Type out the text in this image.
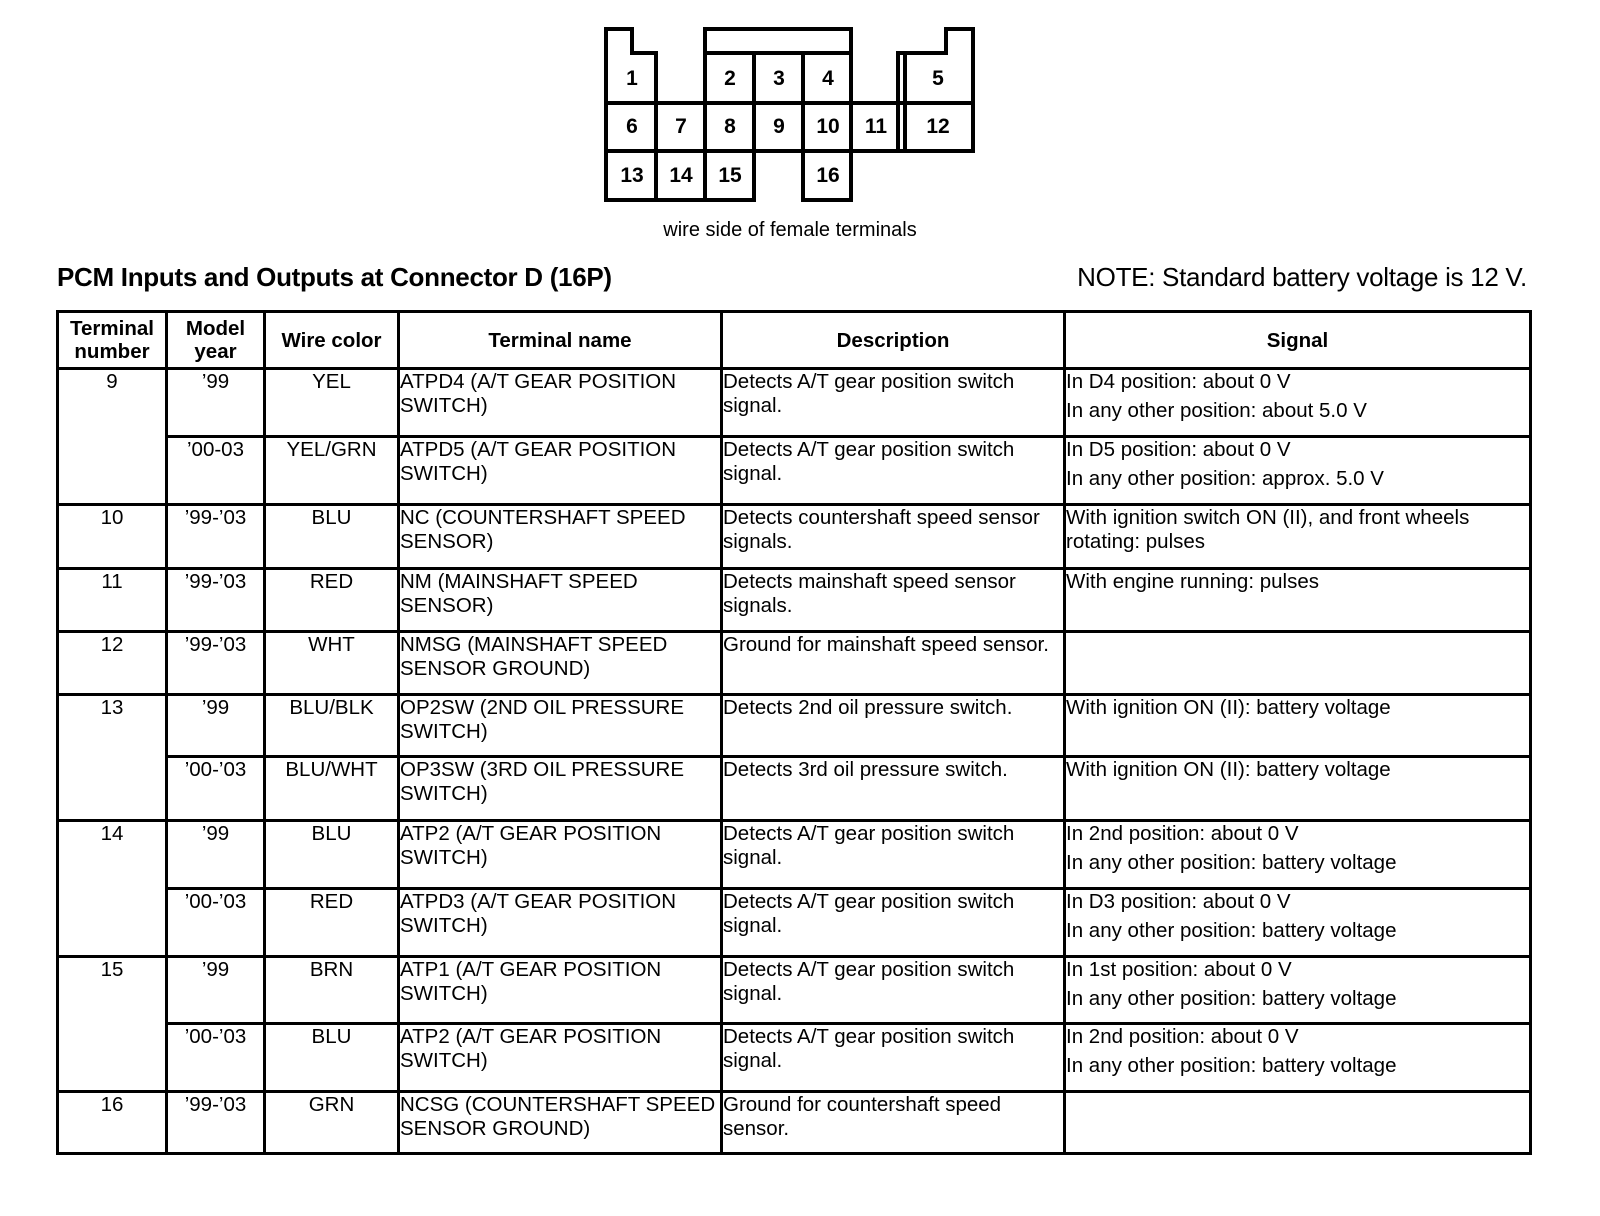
1	2	3	4	5
6	7	8	9	10	11	12
13	14	15	16
wire side of female terminals
PCM Inputs and Outputs at Connector D (16P)	NOTE: Standard battery voltage is 12 V.
Terminal number	Model year	Wire color	Terminal name	Description	Signal
9	’99	YEL	ATPD4 (A/T GEAR POSITION SWITCH)	Detects A/T gear position switch signal.	In D4 position: about 0 V
In any other position: about 5.0 V

	’00-03	YEL/GRN	ATPD5 (A/T GEAR POSITION SWITCH)	Detects A/T gear position switch signal.	In D5 position: about 0 V
In any other position: approx. 5.0 V

10	’99-’03	BLU	NC (COUNTERSHAFT SPEED SENSOR)	Detects countershaft speed sensor signals.	With ignition switch ON (II), and front wheels rotating: pulses

11	’99-’03	RED	NM (MAINSHAFT SPEED SENSOR)	Detects mainshaft speed sensor signals.	With engine running: pulses

12	’99-’03	WHT	NMSG (MAINSHAFT SPEED SENSOR GROUND)	Ground for mainshaft speed sensor.	
13	’99	BLU/BLK	OP2SW (2ND OIL PRESSURE SWITCH)	Detects 2nd oil pressure switch.	With ignition ON (II): battery voltage

	’00-’03	BLU/WHT	OP3SW (3RD OIL PRESSURE SWITCH)	Detects 3rd oil pressure switch.	With ignition ON (II): battery voltage

14	’99	BLU	ATP2 (A/T GEAR POSITION SWITCH)	Detects A/T gear position switch signal.	In 2nd position: about 0 V
In any other position: battery voltage

	’00-’03	RED	ATPD3 (A/T GEAR POSITION SWITCH)	Detects A/T gear position switch signal.	In D3 position: about 0 V
In any other position: battery voltage

15	’99	BRN	ATP1 (A/T GEAR POSITION SWITCH)	Detects A/T gear position switch signal.	In 1st position: about 0 V
In any other position: battery voltage

	’00-’03	BLU	ATP2 (A/T GEAR POSITION SWITCH)	Detects A/T gear position switch signal.	In 2nd position: about 0 V
In any other position: battery voltage

16	’99-’03	GRN	NCSG (COUNTERSHAFT SPEED SENSOR GROUND)	Ground for countershaft speed sensor.	
